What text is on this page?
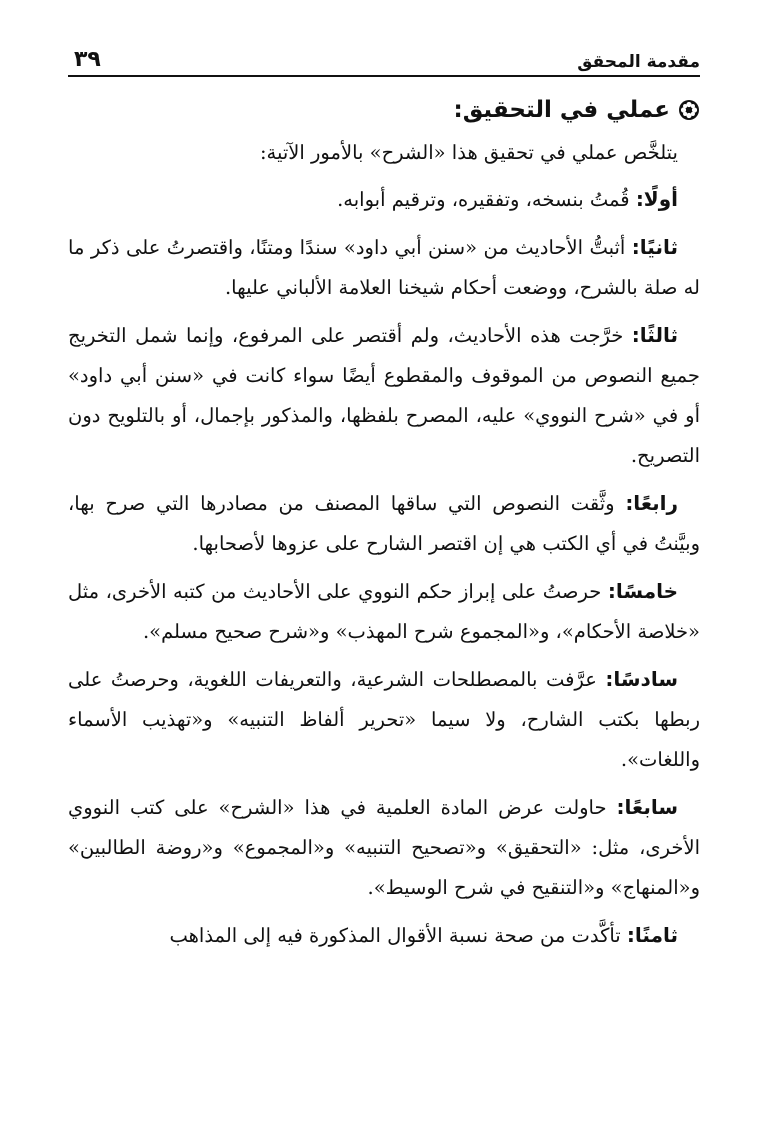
مقدمة المحقق
٣٩
عملي في التحقيق:

يتلخَّص عملي في تحقيق هذا «الشرح» بالأمور الآتية:

أولًا: قُمتُ بنسخه، وتفقيره، وترقيم أبوابه.

ثانيًا: أثبتُّ الأحاديث من «سنن أبي داود» سندًا ومتنًا، واقتصرتُ على ذكر ما له صلة بالشرح، ووضعت أحكام شيخنا العلامة الألباني عليها.

ثالثًا: خرَّجت هذه الأحاديث، ولم أقتصر على المرفوع، وإنما شمل التخريج جميع النصوص من الموقوف والمقطوع أيضًا سواء كانت في «سنن أبي داود» أو في «شرح النووي» عليه، المصرح بلفظها، والمذكور بإجمال، أو بالتلويح دون التصريح.

رابعًا: وثَّقت النصوص التي ساقها المصنف من مصادرها التي صرح بها، وبيَّنتُ في أي الكتب هي إن اقتصر الشارح على عزوها لأصحابها.

خامسًا: حرصتُ على إبراز حكم النووي على الأحاديث من كتبه الأخرى، مثل «خلاصة الأحكام»، و«المجموع شرح المهذب» و«شرح صحيح مسلم».

سادسًا: عرَّفت بالمصطلحات الشرعية، والتعريفات اللغوية، وحرصتُ على ربطها بكتب الشارح، ولا سيما «تحرير ألفاظ التنبيه» و«تهذيب الأسماء واللغات».

سابعًا: حاولت عرض المادة العلمية في هذا «الشرح» على كتب النووي الأخرى، مثل: «التحقيق» و«تصحيح التنبيه» و«المجموع» و«روضة الطالبين» و«المنهاج» و«التنقيح في شرح الوسيط».

ثامنًا: تأكَّدت من صحة نسبة الأقوال المذكورة فيه إلى المذاهب
